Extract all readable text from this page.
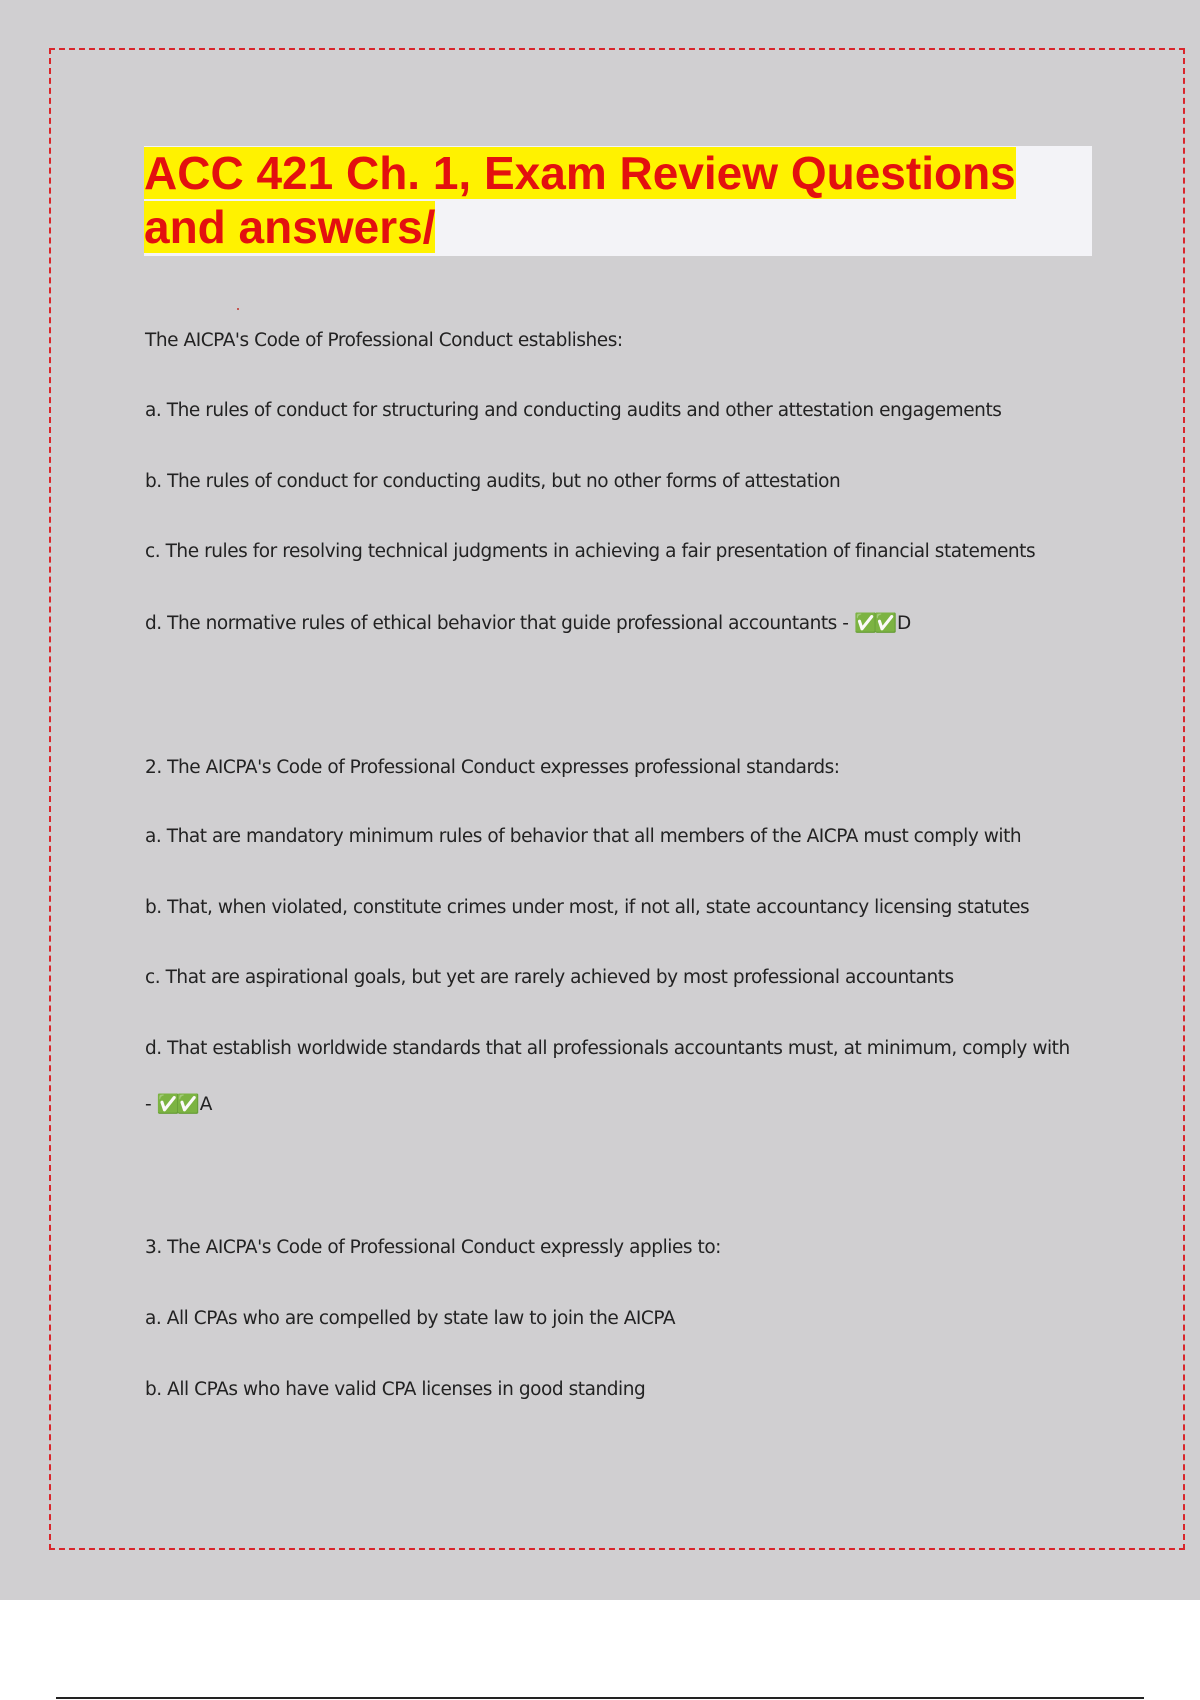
ACC 421 Ch. 1, Exam Review Questions
and answers/
The AICPA's Code of Professional Conduct establishes:
a. The rules of conduct for structuring and conducting audits and other attestation engagements
b. The rules of conduct for conducting audits, but no other forms of attestation
c. The rules for resolving technical judgments in achieving a fair presentation of financial statements
d. The normative rules of ethical behavior that guide professional accountants - ✅✅ D
2. The AICPA's Code of Professional Conduct expresses professional standards:
a. That are mandatory minimum rules of behavior that all members of the AICPA must comply with
b. That, when violated, constitute crimes under most, if not all, state accountancy licensing statutes
c. That are aspirational goals, but yet are rarely achieved by most professional accountants
d. That establish worldwide standards that all professionals accountants must, at minimum, comply with
- ✅✅ A
3. The AICPA's Code of Professional Conduct expressly applies to:
a. All CPAs who are compelled by state law to join the AICPA
b. All CPAs who have valid CPA licenses in good standing
